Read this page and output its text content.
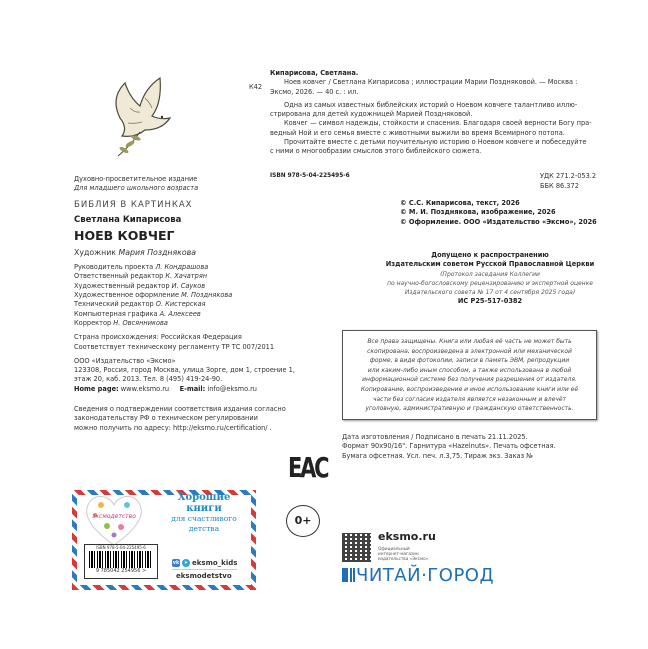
К42
Кипарисова, Светлана.
Ноев ковчег / Светлана Кипарисова ; иллюстрации Марии Поздняковой. — Москва :
Эксмо, 2026. — 40 с. : ил.
Одна из самых известных библейских историй о Ноевом ковчеге талантливо иллю-
стрирована для детей художницей Марией Поздняковой.
Ковчег — символ надежды, стойкости и спасения. Благодаря своей верности Богу пра-
ведный Ной и его семья вместе с животными выжили во время Всемирного потопа.
Прочитайте вместе с детьми поучительную историю о Ноевом ковчеге и побеседуйте
с ними о многообразии смыслов этого библейского сюжета.
ISBN 978-5-04-225495-6	УДК 271.2-053.2
ББК 86.372
Духовно-просветительное издание
Для младшего школьного возраста
БИБЛИЯ В КАРТИНКАХ
Светлана Кипарисова
НОЕВ КОВЧЕГ
Художник Мария Позднякова
Руководитель проекта Л. Кондрашова
Ответственный редактор К. Хачатрян
Художественный редактор И. Сауков
Художественное оформление М. Позднякова
Технический редактор О. Кистерская
Компьютерная графика А. Алексеев
Корректор Н. Овсянникова
Страна происхождения: Российская Федерация
Соответствует техническому регламенту ТР ТС 007/2011
ООО «Издательство «Эксмо»
123308, Россия, город Москва, улица Зорге, дом 1, строение 1,
этаж 20, каб. 2013. Тел. 8 (495) 419-24-90.
Home page: www.eksmo.ru E-mail: info@eksmo.ru
Сведения о подтверждении соответствия издания согласно
законодательству РФ о техническом регулировании
можно получить по адресу: http://eksmo.ru/certification/ .
© С.С. Кипарисова, текст, 2026
© М. И. Позднякова, изображение, 2026
© Оформление. ООО «Издательство «Эксмо», 2026
Допущено к распространению
Издательским советом Русской Православной Церкви
(Протокол заседания Коллегии
по научно-богословскому рецензированию и экспертной оценке
Издательского совета № 17 от 4 сентября 2025 года)
ИС Р25-517-0382
Все права защищены. Книга или любая её часть не может быть
скопирована, воспроизведена в электронной или механической
форме, в виде фотокопии, записи в память ЭВМ, репродукции
или каким-либо иным способом, а также использована в любой
информационной системе без получения разрешения от издателя.
Копирование, воспроизведение и иное использование книги или её
части без согласия издателя является незаконным и влечёт
уголовную, административную и гражданскую ответственность.
Дата изготовления / Подписано в печать 21.11.2025.
Формат 90x90/16". Гарнитура «Hazelnuts». Печать офсетная.
Бумага офсетная. Усл. печ. л.3,75. Тираж экз. Заказ №
эксмодетство
ISBN 978-5-04-225495-6
9 785042 254956 >
Хорошие
книги
для счастливого
детства
vk ➤ eksmo_kids
eksmodetstvo
EAC
0+
eksmo.ru
Официальный
интернет-магазин
издательства «Эксмо»
ЧИТАЙ·ГОРОД
